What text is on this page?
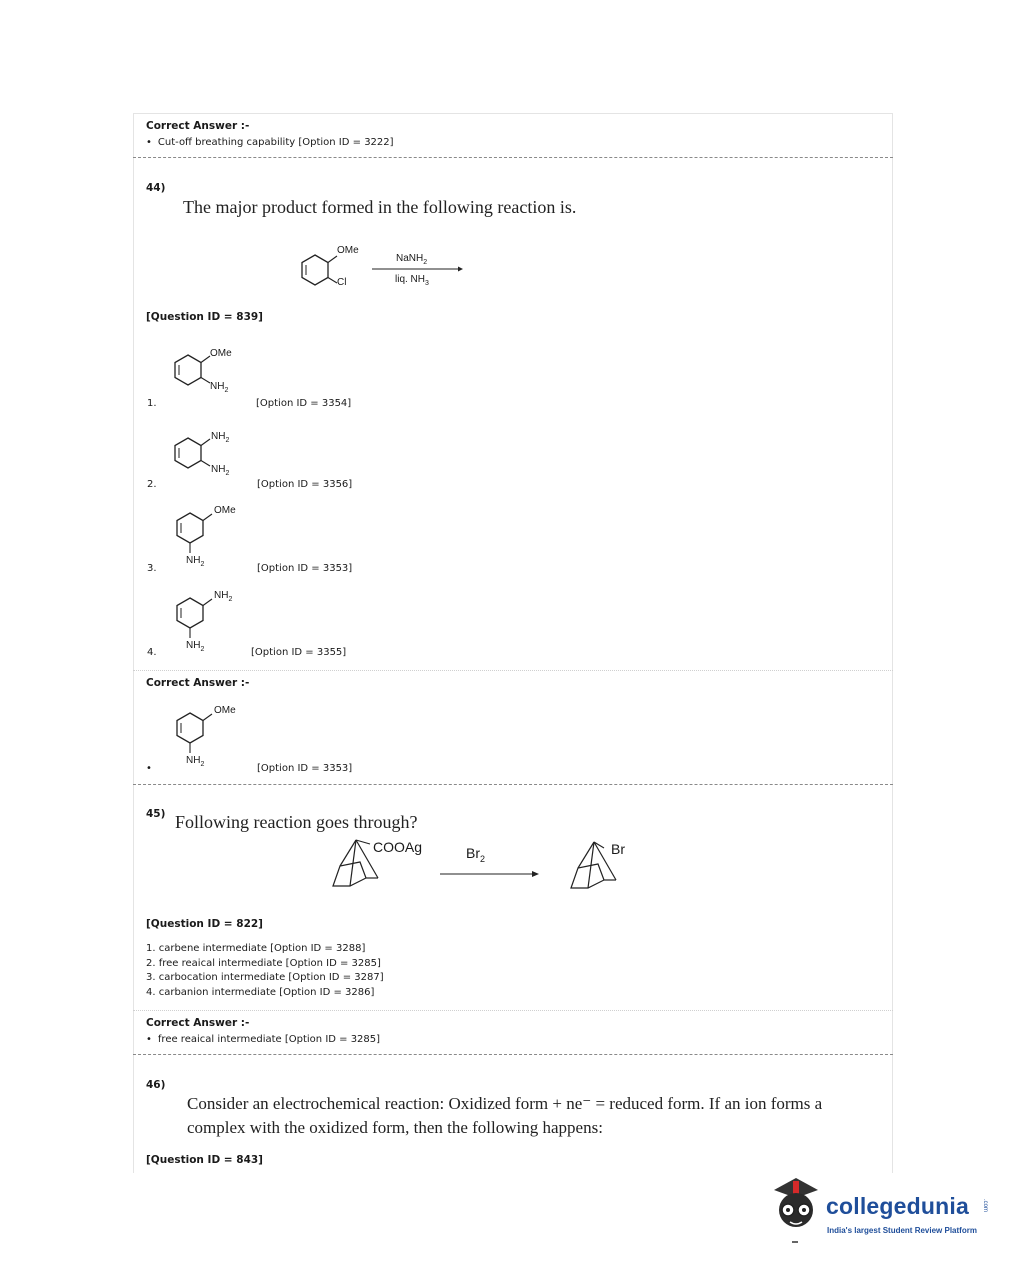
Correct Answer :-
• Cut-off breathing capability [Option ID = 3222]
44)
The major product formed in the following reaction is.
OMe
Cl
NaNH$_2$
liq. $NH_3$
[Question ID = 839]
OMe
$NH_2$
1.	[Option ID = 3354]
$NH_2$
$NH_2$
2.	[Option ID = 3356]
OMe
$NH_2$
3.	[Option ID = 3353]
$NH_2$
$NH_2$
4.	[Option ID = 3355]
Correct Answer :-
OMe
$NH_2$ •	[Option ID = 3353]
45) Following reaction goes through?
COOAg	$Br_2$
Br
[Question ID = 822]
1. carbene intermediate [Option ID = 3288]
2. free reaical intermediate [Option ID = 3285]
3. carbocation intermediate [Option ID = 3287]
4. carbanion intermediate [Option ID = 3286]
Correct Answer :-
• free reaical intermediate [Option ID = 3285]
46)
Consider an electrochemical reaction: Oxidized form + ne⁻ = reduced form. If an ion forms a
complex with the oxidized form, then the following happens:
[Question ID = 843]
collegedunia .com
India's largest Student Review Platform
